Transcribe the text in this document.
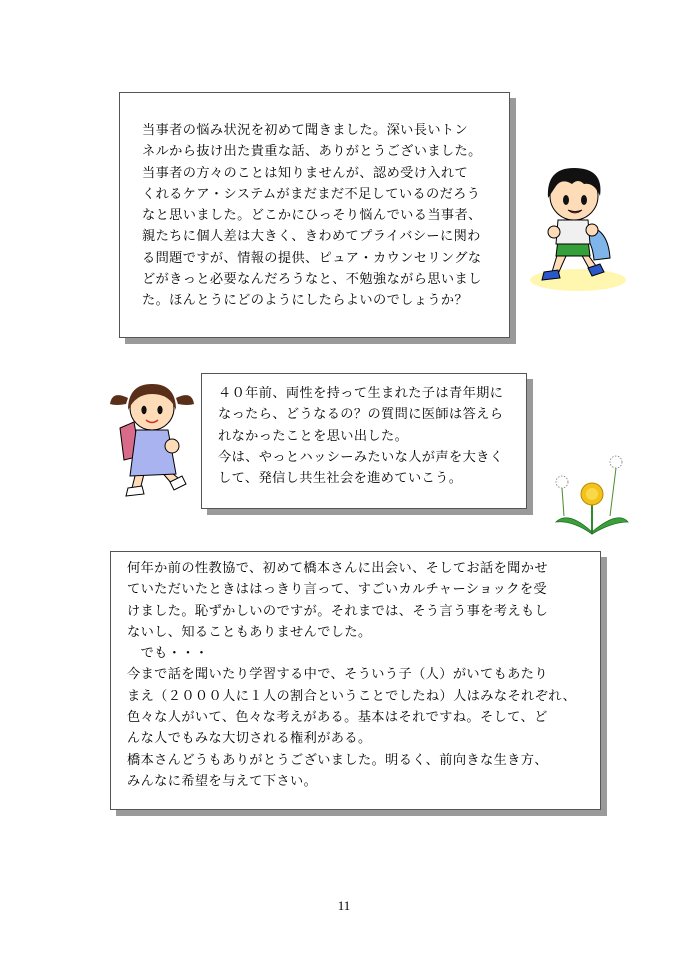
当事者の悩み状況を初めて聞きました。深い長いトン

ネルから抜け出た貴重な話、ありがとうございました。

当事者の方々のことは知りませんが、認め受け入れて

くれるケア・システムがまだまだ不足しているのだろう

なと思いました。どこかにひっそり悩んでいる当事者、

親たちに個人差は大きく、きわめてプライバシーに関わ

る問題ですが、情報の提供、ピュア・カウンセリングな

どがきっと必要なんだろうなと、不勉強ながら思いまし

た。ほんとうにどのようにしたらよいのでしょうか？

４０年前、両性を持って生まれた子は青年期に

なったら、どうなるの？の質問に医師は答えら

れなかったことを思い出した。

今は、やっとハッシーみたいな人が声を大きく

して、発信し共生社会を進めていこう。

何年か前の性教協で、初めて橋本さんに出会い、そしてお話を聞かせ

ていただいたときははっきり言って、すごいカルチャーショックを受

けました。恥ずかしいのですが。それまでは、そう言う事を考えもし

ないし、知ることもありませんでした。

　でも・・・

今まで話を聞いたり学習する中で、そういう子（人）がいてもあたり

まえ（２０００人に１人の割合ということでしたね）人はみなそれぞれ、

色々な人がいて、色々な考えがある。基本はそれですね。そして、ど

んな人でもみな大切される権利がある。

橋本さんどうもありがとうございました。明るく、前向きな生き方、

みんなに希望を与えて下さい。

11
